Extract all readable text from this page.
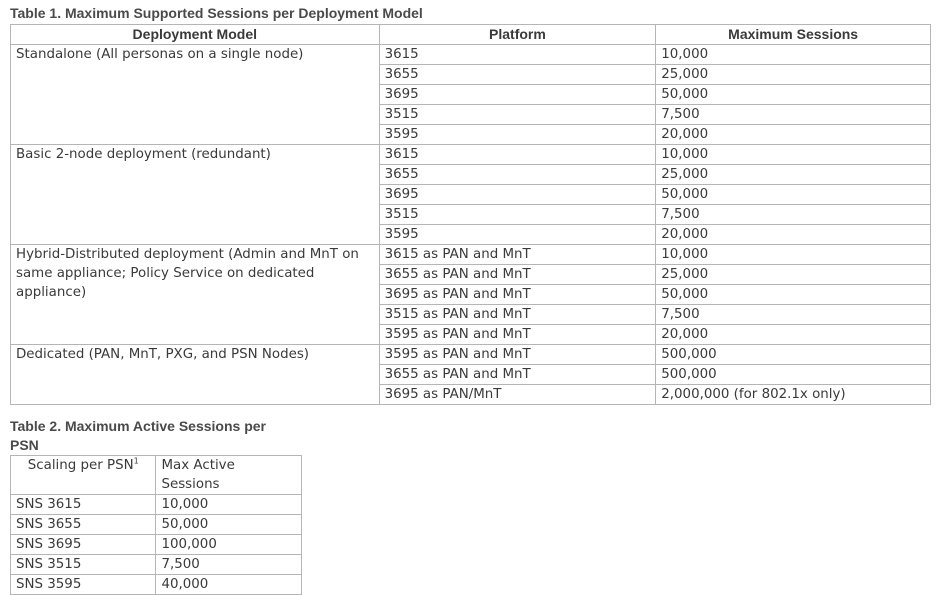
Table 1. Maximum Supported Sessions per Deployment Model

Deployment Model	Platform	Maximum Sessions
Standalone (All personas on a single node)	3615	10,000
	3655	25,000
	3695	50,000
	3515	7,500
	3595	20,000
Basic 2-node deployment (redundant)	3615	10,000
	3655	25,000
	3695	50,000
	3515	7,500
	3595	20,000
Hybrid-Distributed deployment (Admin and MnT on same appliance; Policy Service on dedicated appliance)	3615 as PAN and MnT	10,000
	3655 as PAN and MnT	25,000
	3695 as PAN and MnT	50,000
	3515 as PAN and MnT	7,500
	3595 as PAN and MnT	20,000
Dedicated (PAN, MnT, PXG, and PSN Nodes)	3595 as PAN and MnT	500,000
	3655 as PAN and MnT	500,000
	3695 as PAN/MnT	2,000,000 (for 802.1x only)

Table 2. Maximum Active Sessions per PSN

Scaling per PSN$^1$	Max Active Sessions
SNS 3615	10,000
SNS 3655	50,000
SNS 3695	100,000
SNS 3515	7,500
SNS 3595	40,000
